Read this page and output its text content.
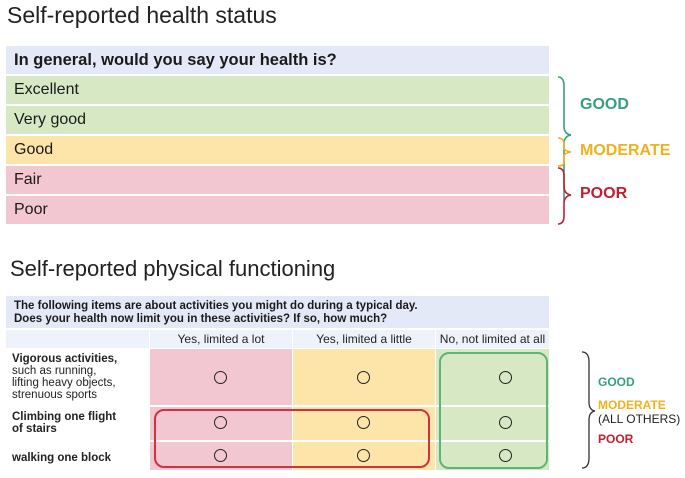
Self-reported health status
In general, would you say your health is?
Excellent
Very good
Good
Fair
Poor
GOOD
MODERATE
POOR
Self-reported physical functioning
The following items are about activities you might do during a typical day.
Does your health now limit you in these activities? If so, how much?
Yes, limited a lot	Yes, limited a little	No, not limited at all
Vigorous activities,
such as running,
lifting heavy objects,
strenuous sports
Climbing one flight
of stairs
walking one block
GOOD
MODERATE
(ALL OTHERS)
POOR
